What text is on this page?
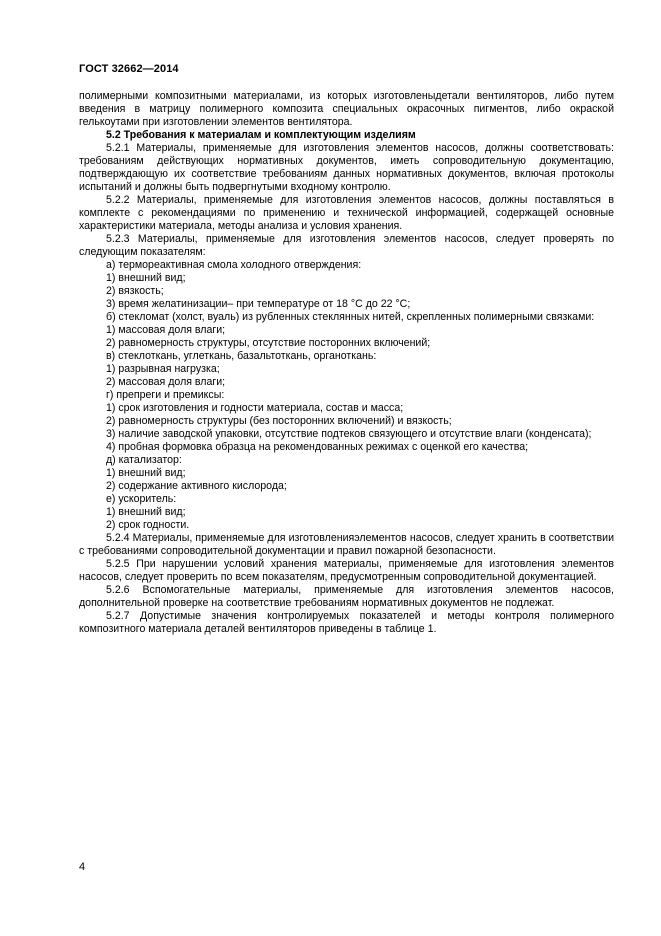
ГОСТ 32662—2014

полимерными композитными материалами, из которых изготовленыдетали вентиляторов, либо путем введения в матрицу полимерного композита специальных окрасочных пигментов, либо окраской гелькоутами при изготовлении элементов вентилятора.

5.2 Требования к материалам и комплектующим изделиям

5.2.1 Материалы, применяемые для изготовления элементов насосов, должны соответствовать: требованиям действующих нормативных документов, иметь сопроводительную документацию, подтверждающую их соответствие требованиям данных нормативных документов, включая протоколы испытаний и должны быть подвергнутыми входному контролю.

5.2.2 Материалы, применяемые для изготовления элементов насосов, должны поставляться в комплекте с рекомендациями по применению и технической информацией, содержащей основные характеристики материала, методы анализа и условия хранения.

5.2.3 Материалы, применяемые для изготовления элементов насосов, следует проверять по следующим показателям:

а) термореактивная смола холодного отверждения:

1) внешний вид;

2) вязкость;

3) время желатинизации– при температуре от 18 °С до 22 °С;

б) стекломат (холст, вуаль) из рубленных стеклянных нитей, скрепленных полимерными связками:

1) массовая доля влаги;

2) равномерность структуры, отсутствие посторонних включений;

в) стеклоткань, углеткань, базальтоткань, органоткань:

1) разрывная нагрузка;

2) массовая доля влаги;

г) препреги и премиксы:

1) срок изготовления и годности материала, состав и масса;

2) равномерность структуры (без посторонних включений) и вязкость;

3) наличие заводской упаковки, отсутствие подтеков связующего и отсутствие влаги (конденсата);

4) пробная формовка образца на рекомендованных режимах с оценкой его качества;

д) катализатор:

1) внешний вид;

2) содержание активного кислорода;

е) ускоритель:

1) внешний вид;

2) срок годности.

5.2.4 Материалы, применяемые для изготовленияэлементов насосов, следует хранить в соответствии с требованиями сопроводительной документации и правил пожарной безопасности.

5.2.5 При нарушении условий хранения материалы, применяемые для изготовления элементов насосов, следует проверить по всем показателям, предусмотренным сопроводительной документацией.

5.2.6 Вспомогательные материалы, применяемые для изготовления элементов насосов, дополнительной проверке на соответствие требованиям нормативных документов не подлежат.

5.2.7 Допустимые значения контролируемых показателей и методы контроля полимерного композитного материала деталей вентиляторов приведены в таблице 1.

4
